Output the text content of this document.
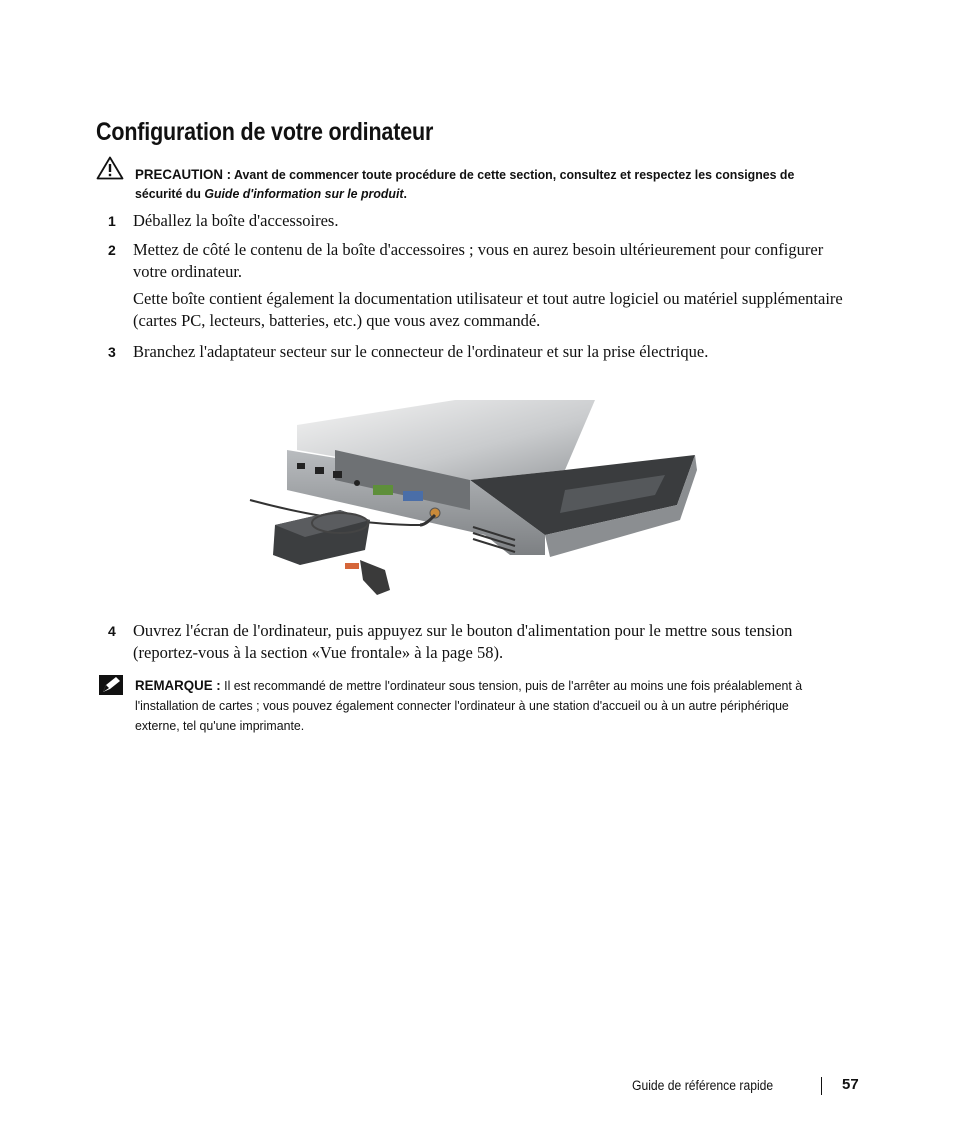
Configuration de votre ordinateur
PRECAUTION : Avant de commencer toute procédure de cette section, consultez et respectez les consignes de sécurité du Guide d'information sur le produit.
1 Déballez la boîte d'accessoires.
2 Mettez de côté le contenu de la boîte d'accessoires ; vous en aurez besoin ultérieurement pour configurer votre ordinateur.
Cette boîte contient également la documentation utilisateur et tout autre logiciel ou matériel supplémentaire (cartes PC, lecteurs, batteries, etc.) que vous avez commandé.
3 Branchez l'adaptateur secteur sur le connecteur de l'ordinateur et sur la prise électrique.
4 Ouvrez l'écran de l'ordinateur, puis appuyez sur le bouton d'alimentation pour le mettre sous tension (reportez-vous à la section «Vue frontale» à la page 58).
REMARQUE : Il est recommandé de mettre l'ordinateur sous tension, puis de l'arrêter au moins une fois préalablement à l'installation de cartes ; vous pouvez également connecter l'ordinateur à une station d'accueil ou à un autre périphérique externe, tel qu'une imprimante.
Guide de référence rapide	57
